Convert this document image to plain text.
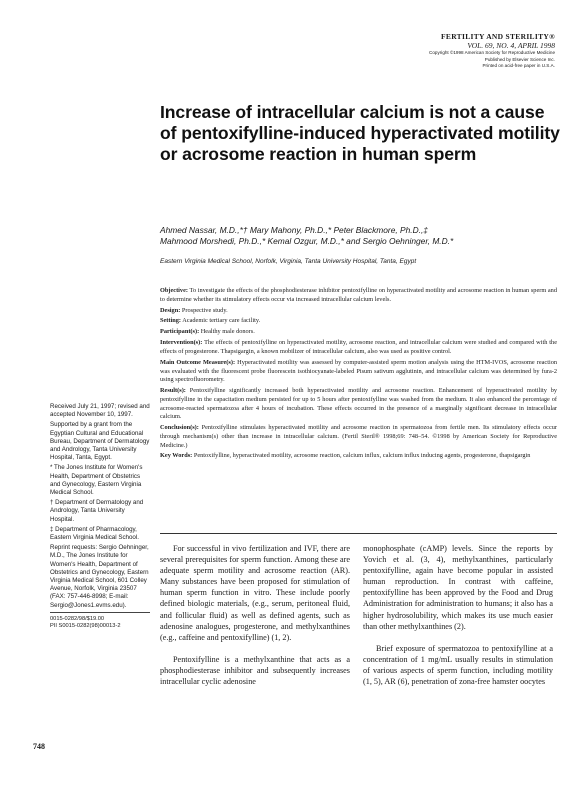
FERTILITY AND STERILITY®
VOL. 69, NO. 4, APRIL 1998
Copyright ©1998 American Society for Reproductive Medicine
Published by Elsevier Science Inc.
Printed on acid-free paper in U.S.A.
Increase of intracellular calcium is not a cause of pentoxifylline-induced hyperactivated motility or acrosome reaction in human sperm
Ahmed Nassar, M.D.,*† Mary Mahony, Ph.D.,* Peter Blackmore, Ph.D.,‡
Mahmood Morshedi, Ph.D.,* Kemal Ozgur, M.D.,* and Sergio Oehninger, M.D.*
Eastern Virginia Medical School, Norfolk, Virginia, Tanta University Hospital, Tanta, Egypt

Objective: To investigate the effects of the phosphodiesterase inhibitor pentoxifylline on hyperactivated motility and acrosome reaction in human sperm and to determine whether its stimulatory effects occur via increased intracellular calcium levels.

Design: Prospective study.

Setting: Academic tertiary care facility.

Participant(s): Healthy male donors.

Intervention(s): The effects of pentoxifylline on hyperactivated motility, acrosome reaction, and intracellular calcium were studied and compared with the effects of progesterone. Thapsigargin, a known mobilizer of intracellular calcium, also was used as positive control.

Main Outcome Measure(s): Hyperactivated motility was assessed by computer-assisted sperm motion analysis using the HTM-IVOS, acrosome reaction was evaluated with the fluorescent probe fluorescein isothiocyanate-labeled Pisum sativum agglutinin, and intracellular calcium was determined by fura-2 using spectrofluorometry.

Result(s): Pentoxifylline significantly increased both hyperactivated motility and acrosome reaction. Enhancement of hyperactivated motility by pentoxifylline in the capacitation medium persisted for up to 5 hours after pentoxifylline was washed from the medium. It also enhanced the percentage of acrosome-reacted spermatozoa after 4 hours of incubation. These effects occurred in the presence of a marginally significant decrease in intracellular calcium.

Conclusion(s): Pentoxifylline stimulates hyperactivated motility and acrosome reaction in spermatozoa from fertile men. Its stimulatory effects occur through mechanism(s) other than increase in intracellular calcium. (Fertil Steril® 1998;69: 748–54. ©1998 by American Society for Reproductive Medicine.)

Key Words: Pentoxifylline, hyperactivated motility, acrosome reaction, calcium influx, calcium influx inducing agents, progesterone, thapsigargin

Received July 21, 1997; revised and accepted November 10, 1997.

Supported by a grant from the Egyptian Cultural and Educational Bureau, Department of Dermatology and Andrology, Tanta University Hospital, Tanta, Egypt.

* The Jones Institute for Women's Health, Department of Obstetrics and Gynecology, Eastern Virginia Medical School.

† Department of Dermatology and Andrology, Tanta University Hospital.

‡ Department of Pharmacology, Eastern Virginia Medical School.

Reprint requests: Sergio Oehninger, M.D., The Jones Institute for Women's Health, Department of Obstetrics and Gynecology, Eastern Virginia Medical School, 601 Colley Avenue, Norfolk, Virginia 23507 (FAX: 757-446-8998; E-mail: Sergio@Jones1.evms.edu).

0015-0282/98/$19.00
PII S0015-0282(98)00013-2

For successful in vivo fertilization and IVF, there are several prerequisites for sperm function. Among these are adequate sperm motility and acrosome reaction (AR). Many substances have been proposed for stimulation of human sperm function in vitro. These include poorly defined biologic materials, (e.g., serum, peritoneal fluid, and follicular fluid) as well as defined agents, such as adenosine analogues, progesterone, and methylxanthines (e.g., caffeine and pentoxifylline) (1, 2).

Pentoxifylline is a methylxanthine that acts as a phosphodiesterase inhibitor and subsequently increases intracellular cyclic adenosine

monophosphate (cAMP) levels. Since the reports by Yovich et al. (3, 4), methylxanthines, particularly pentoxifylline, again have become popular in assisted human reproduction. In contrast with caffeine, pentoxifylline has been approved by the Food and Drug Administration for administration to humans; it also has a higher hydrosolubility, which makes its use much easier than other methylxanthines (2).

Brief exposure of spermatozoa to pentoxifylline at a concentration of 1 mg/mL usually results in stimulation of various aspects of sperm function, including motility (1, 5), AR (6), penetration of zona-free hamster oocytes

748
